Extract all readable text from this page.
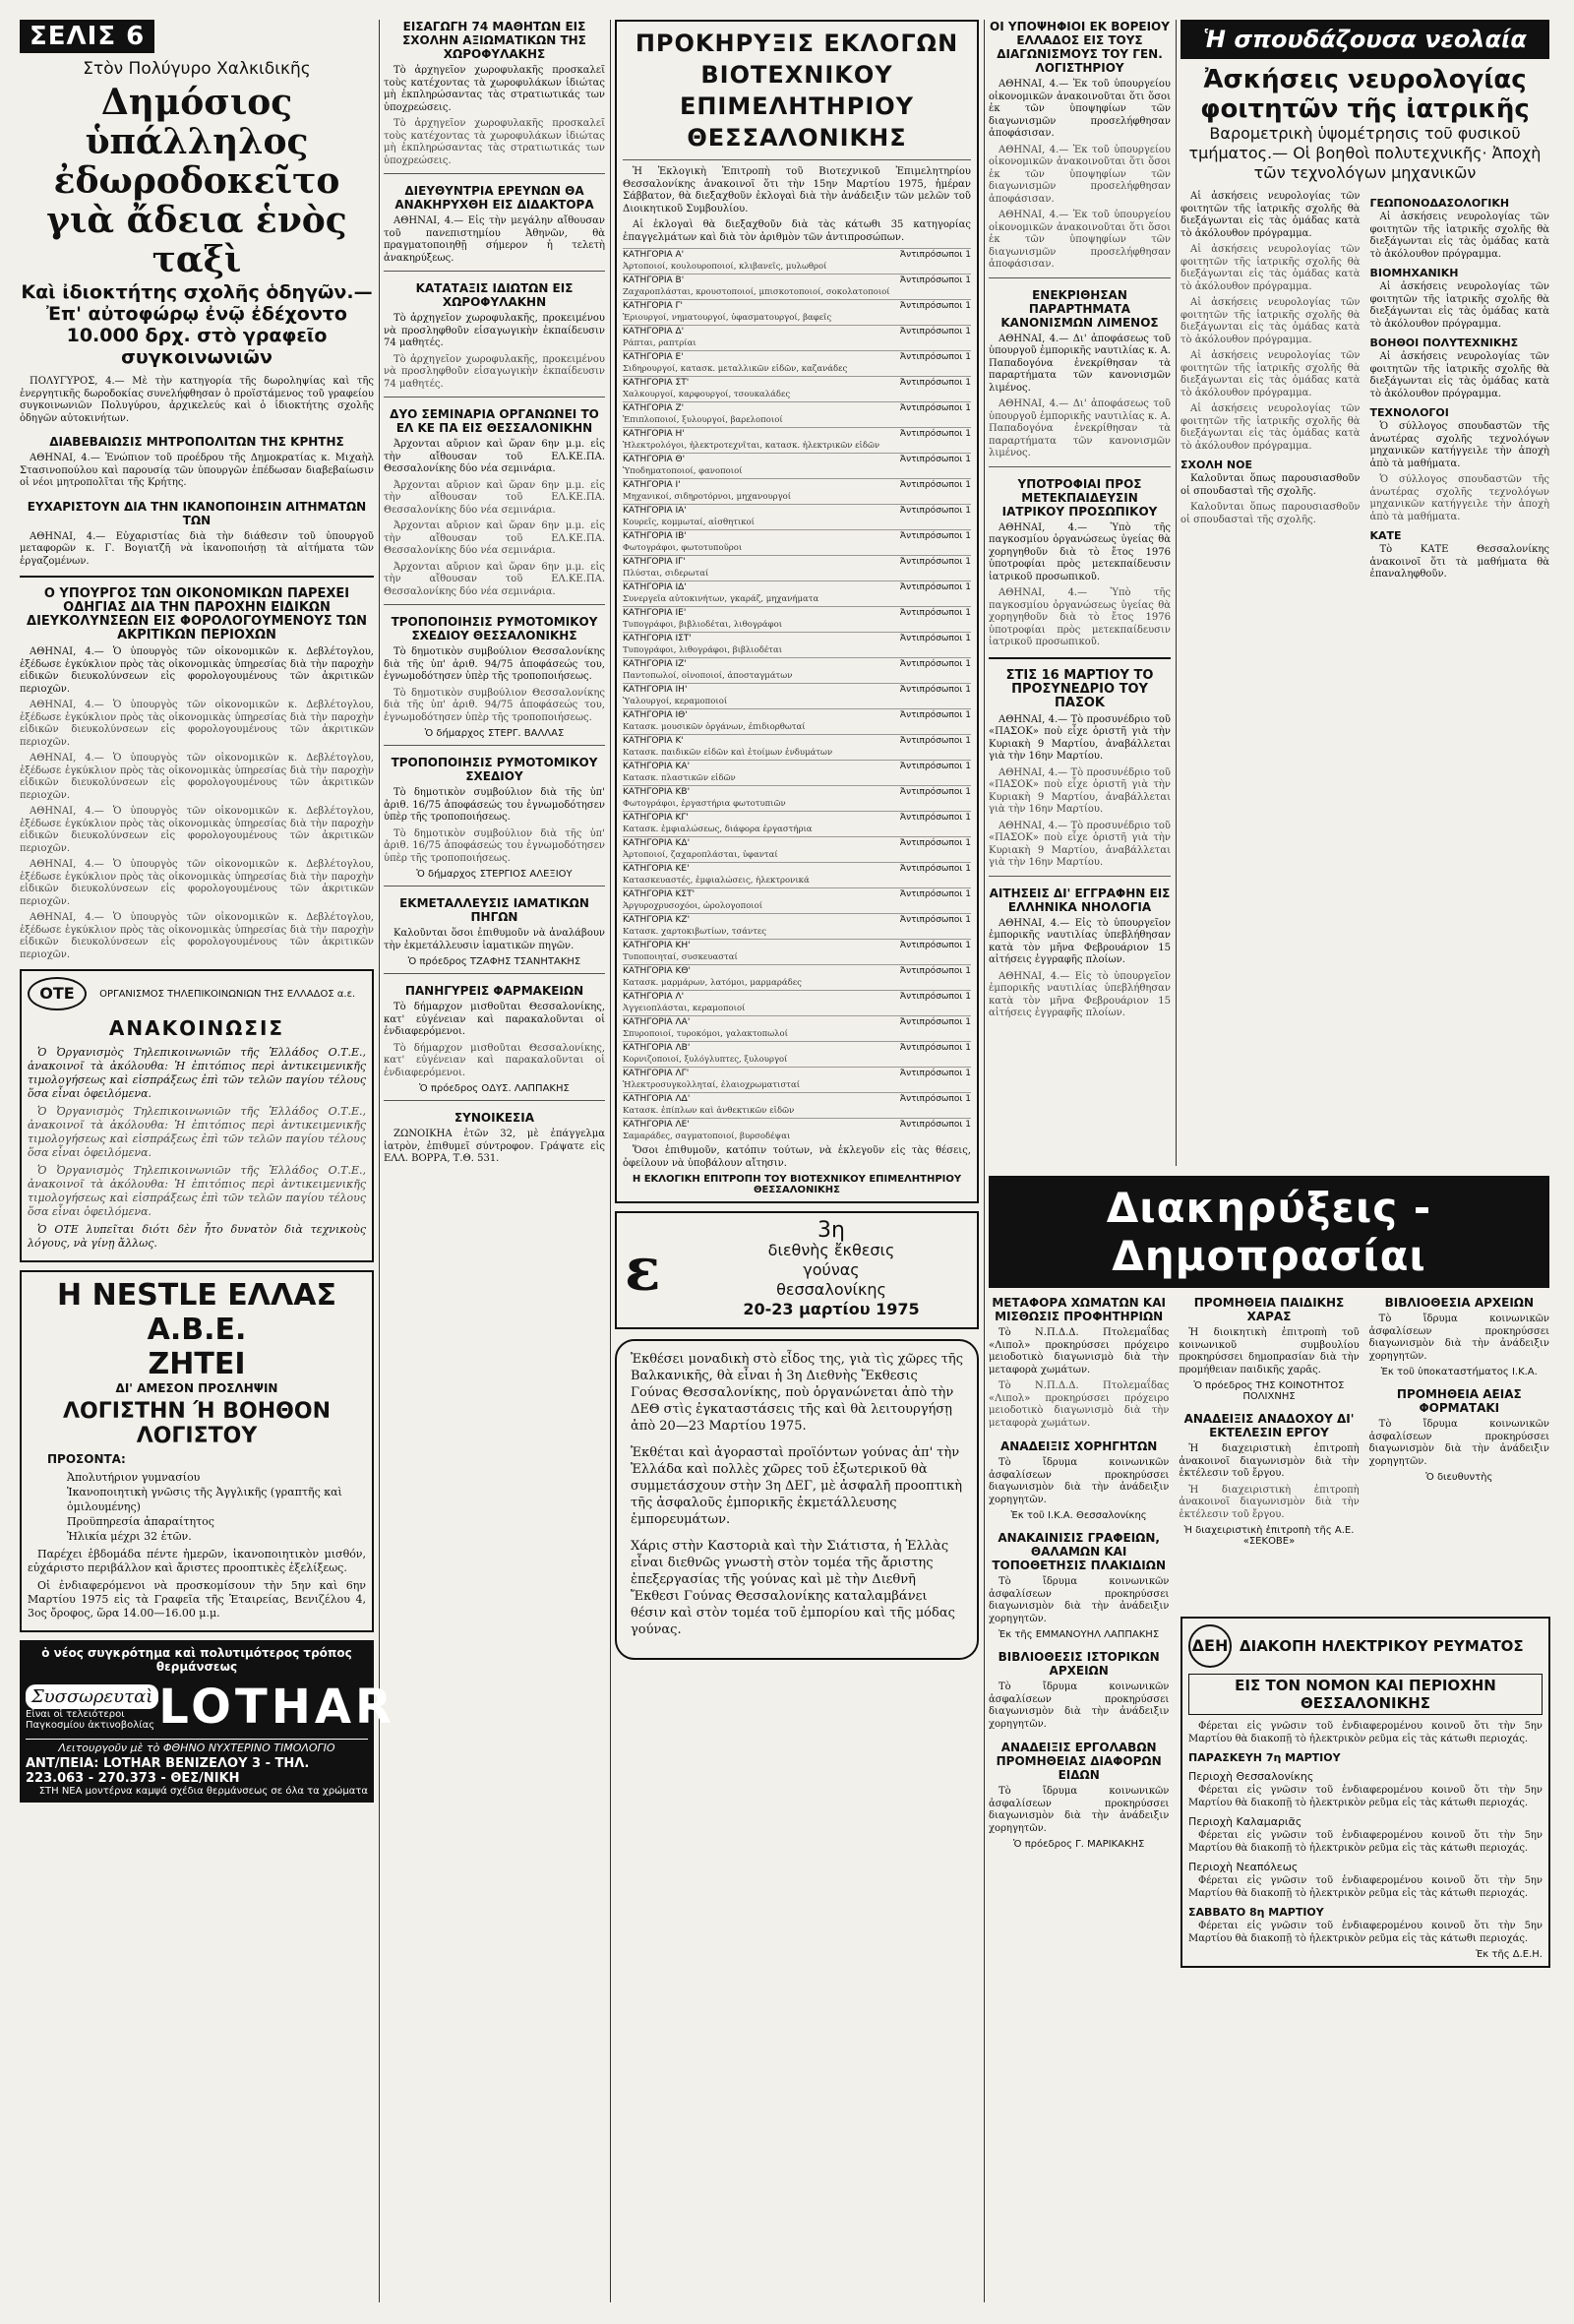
ΣΕΛΙΣ 6
Στὸν Πολύγυρο Χαλκιδικῆς
Δημόσιος ὑπάλληλος ἐδωροδοκεῖτο γιὰ ἄδεια ἑνὸς ταξὶ
Καὶ ἰδιοκτήτης σχολῆς ὁδηγῶν.— Ἐπ' αὐτοφώρῳ ἐνῷ ἐδέχοντο 10.000 δρχ. στὸ γραφεῖο συγκοινωνιῶν

ΠΟΛΥΓΥΡΟΣ, 4.— Μὲ τὴν κατηγορία τῆς δωροληψίας καὶ τῆς ἐνεργητικῆς δωροδοκίας συνελήφθησαν ὁ προϊστάμενος τοῦ γραφείου συγκοινωνιῶν Πολυγύρου, ἀρχικελεύς καὶ ὁ ἰδιοκτήτης σχολῆς ὁδηγῶν αὐτοκινήτων.

ΔΙΑΒΕΒΑΙΩΣΙΣ ΜΗΤΡΟΠΟΛΙΤΩΝ ΤΗΣ ΚΡΗΤΗΣ

ΑΘΗΝΑΙ, 4.— Ἐνώπιον τοῦ προέδρου τῆς Δημοκρατίας κ. Μιχαὴλ Στασινοπούλου καὶ παρουσίᾳ τῶν ὑπουργῶν ἐπέδωσαν διαβεβαίωσιν οἱ νέοι μητροπολῖται τῆς Κρήτης.

ΕΥΧΑΡΙΣΤΟΥΝ ΔΙΑ ΤΗΝ ΙΚΑΝΟΠΟΙΗΣΙΝ ΑΙΤΗΜΑΤΩΝ ΤΩΝ

ΑΘΗΝΑΙ, 4.— Εὐχαριστίας διὰ τὴν διάθεσιν τοῦ ὑπουργοῦ μεταφορῶν κ. Γ. Βογιατζῆ νὰ ἱκανοποιήσῃ τὰ αἰτήματα τῶν ἐργαζομένων.

Ο ΥΠΟΥΡΓΟΣ ΤΩΝ ΟΙΚΟΝΟΜΙΚΩΝ ΠΑΡΕΧΕΙ ΟΔΗΓΙΑΣ ΔΙΑ ΤΗΝ ΠΑΡΟΧΗΝ ΕΙΔΙΚΩΝ ΔΙΕΥΚΟΛΥΝΣΕΩΝ ΕΙΣ ΦΟΡΟΛΟΓΟΥΜΕΝΟΥΣ ΤΩΝ ΑΚΡΙΤΙΚΩΝ ΠΕΡΙΟΧΩΝ

ΑΘΗΝΑΙ, 4.— Ὁ ὑπουργὸς τῶν οἰκονομικῶν κ. Δεβλέτογλου, ἐξέδωσε ἐγκύκλιον πρὸς τὰς οἰκονομικὰς ὑπηρεσίας διὰ τὴν παροχὴν εἰδικῶν διευκολύνσεων εἰς φορολογουμένους τῶν ἀκριτικῶν περιοχῶν.

ΑΘΗΝΑΙ, 4.— Ὁ ὑπουργὸς τῶν οἰκονομικῶν κ. Δεβλέτογλου, ἐξέδωσε ἐγκύκλιον πρὸς τὰς οἰκονομικὰς ὑπηρεσίας διὰ τὴν παροχὴν εἰδικῶν διευκολύνσεων εἰς φορολογουμένους τῶν ἀκριτικῶν περιοχῶν.

ΑΘΗΝΑΙ, 4.— Ὁ ὑπουργὸς τῶν οἰκονομικῶν κ. Δεβλέτογλου, ἐξέδωσε ἐγκύκλιον πρὸς τὰς οἰκονομικὰς ὑπηρεσίας διὰ τὴν παροχὴν εἰδικῶν διευκολύνσεων εἰς φορολογουμένους τῶν ἀκριτικῶν περιοχῶν.

ΑΘΗΝΑΙ, 4.— Ὁ ὑπουργὸς τῶν οἰκονομικῶν κ. Δεβλέτογλου, ἐξέδωσε ἐγκύκλιον πρὸς τὰς οἰκονομικὰς ὑπηρεσίας διὰ τὴν παροχὴν εἰδικῶν διευκολύνσεων εἰς φορολογουμένους τῶν ἀκριτικῶν περιοχῶν.

ΑΘΗΝΑΙ, 4.— Ὁ ὑπουργὸς τῶν οἰκονομικῶν κ. Δεβλέτογλου, ἐξέδωσε ἐγκύκλιον πρὸς τὰς οἰκονομικὰς ὑπηρεσίας διὰ τὴν παροχὴν εἰδικῶν διευκολύνσεων εἰς φορολογουμένους τῶν ἀκριτικῶν περιοχῶν.

ΑΘΗΝΑΙ, 4.— Ὁ ὑπουργὸς τῶν οἰκονομικῶν κ. Δεβλέτογλου, ἐξέδωσε ἐγκύκλιον πρὸς τὰς οἰκονομικὰς ὑπηρεσίας διὰ τὴν παροχὴν εἰδικῶν διευκολύνσεων εἰς φορολογουμένους τῶν ἀκριτικῶν περιοχῶν.

ΟΤΕ	ΟΡΓΑΝΙΣΜΟΣ ΤΗΛΕΠΙΚΟΙΝΩΝΙΩΝ ΤΗΣ ΕΛΛΑΔΟΣ α.ε.
ΑΝΑΚΟΙΝΩΣΙΣ

Ὁ Ὀργανισμὸς Τηλεπικοινωνιῶν τῆς Ἑλλάδος Ο.Τ.Ε., ἀνακοινοῖ τὰ ἀκόλουθα: Ἡ ἐπιτόπιος περὶ ἀντικειμενικῆς τιμολογήσεως καὶ εἰσπράξεως ἐπὶ τῶν τελῶν παγίου τέλους ὅσα εἶναι ὀφειλόμενα.

Ὁ Ὀργανισμὸς Τηλεπικοινωνιῶν τῆς Ἑλλάδος Ο.Τ.Ε., ἀνακοινοῖ τὰ ἀκόλουθα: Ἡ ἐπιτόπιος περὶ ἀντικειμενικῆς τιμολογήσεως καὶ εἰσπράξεως ἐπὶ τῶν τελῶν παγίου τέλους ὅσα εἶναι ὀφειλόμενα.

Ὁ Ὀργανισμὸς Τηλεπικοινωνιῶν τῆς Ἑλλάδος Ο.Τ.Ε., ἀνακοινοῖ τὰ ἀκόλουθα: Ἡ ἐπιτόπιος περὶ ἀντικειμενικῆς τιμολογήσεως καὶ εἰσπράξεως ἐπὶ τῶν τελῶν παγίου τέλους ὅσα εἶναι ὀφειλόμενα.

Ὁ ΟΤΕ λυπεῖται διότι δὲν ἦτο δυνατὸν διὰ τεχνικοὺς λόγους, νὰ γίνῃ ἄλλως.

Η NESTLE ΕΛΛΑΣ Α.Β.Ε.
ΖΗΤΕΙ
ΔΙ' ΑΜΕΣΟΝ ΠΡΟΣΛΗΨΙΝ
ΛΟΓΙΣΤΗΝ Ή ΒΟΗΘΟΝ ΛΟΓΙΣΤΟΥ
ΠΡΟΣΟΝΤΑ:
Ἀπολυτήριον γυμνασίου
Ἱκανοποιητικὴ γνῶσις τῆς Ἀγγλικῆς (γραπτῆς καὶ ὁμιλουμένης)
Προϋπηρεσία ἀπαραίτητος
Ἡλικία μέχρι 32 ἐτῶν.

Παρέχει ἑβδομάδα πέντε ἡμερῶν, ἱκανοποιητικὸν μισθόν, εὐχάριστο περιβάλλον καὶ ἄριστες προοπτικὲς ἐξελίξεως.

Οἱ ἐνδιαφερόμενοι νὰ προσκομίσουν τὴν 5ην καὶ 6ην Μαρτίου 1975 εἰς τὰ Γραφεῖα τῆς Ἑταιρείας, Βενιζέλου 4, 3ος ὄροφος, ὥρα 14.00—16.00 μ.μ.

ὁ νέος συγκρότημα καὶ πολυτιμότερος τρόπος θερμάνσεως
Συσσωρευταὶ
Εἶναι οἱ τελειότεροι
Παγκοσμίου ἀκτινοβολίας LOTHAR
Λειτουργοῦν μὲ τὸ ΦΘΗΝΟ ΝΥΧΤΕΡΙΝΟ ΤΙΜΟΛΟΓΙΟ
ΑΝΤ/ΠΕΙΑ: LOTHAR ΒΕΝΙΖΕΛΟΥ 3 - ΤΗΛ. 223.063 - 270.373 - ΘΕΣ/ΝΙΚΗ
ΣΤΗ ΝΕΑ μοντέρνα καμψά σχέδια θερμάνσεως σε όλα τα χρώματα
ΕΙΣΑΓΩΓΗ 74 ΜΑΘΗΤΩΝ ΕΙΣ ΣΧΟΛΗΝ ΑΞΙΩΜΑΤΙΚΩΝ ΤΗΣ ΧΩΡΟΦΥΛΑΚΗΣ

Τὸ ἀρχηγεῖον χωροφυλακῆς προσκαλεῖ τοὺς κατέχοντας τὰ χωροφυλάκων ἰδιώτας μὴ ἐκπληρώσαντας τὰς στρατιωτικάς των ὑποχρεώσεις.

Τὸ ἀρχηγεῖον χωροφυλακῆς προσκαλεῖ τοὺς κατέχοντας τὰ χωροφυλάκων ἰδιώτας μὴ ἐκπληρώσαντας τὰς στρατιωτικάς των ὑποχρεώσεις.

ΔΙΕΥΘΥΝΤΡΙΑ ΕΡΕΥΝΩΝ ΘΑ ΑΝΑΚΗΡΥΧΘΗ ΕΙΣ ΔΙΔΑΚΤΟΡΑ

ΑΘΗΝΑΙ, 4.— Εἰς τὴν μεγάλην αἴθουσαν τοῦ πανεπιστημίου Ἀθηνῶν, θὰ πραγματοποιηθῇ σήμερον ἡ τελετὴ ἀνακηρύξεως.

ΚΑΤΑΤΑΞΙΣ ΙΔΙΩΤΩΝ ΕΙΣ ΧΩΡΟΦΥΛΑΚΗΝ

Τὸ ἀρχηγεῖον χωροφυλακῆς, προκειμένου νὰ προσληφθοῦν εἰσαγωγικὴν ἐκπαίδευσιν 74 μαθητές.

Τὸ ἀρχηγεῖον χωροφυλακῆς, προκειμένου νὰ προσληφθοῦν εἰσαγωγικὴν ἐκπαίδευσιν 74 μαθητές.

ΔΥΟ ΣΕΜΙΝΑΡΙΑ ΟΡΓΑΝΩΝΕΙ ΤΟ ΕΛ ΚΕ ΠΑ ΕΙΣ ΘΕΣΣΑΛΟΝΙΚΗΝ

Ἀρχονται αὔριον καὶ ὥραν 6ην μ.μ. εἰς τὴν αἴθουσαν τοῦ ΕΛ.ΚΕ.ΠΑ. Θεσσαλονίκης δύο νέα σεμινάρια.

Ἀρχονται αὔριον καὶ ὥραν 6ην μ.μ. εἰς τὴν αἴθουσαν τοῦ ΕΛ.ΚΕ.ΠΑ. Θεσσαλονίκης δύο νέα σεμινάρια.

Ἀρχονται αὔριον καὶ ὥραν 6ην μ.μ. εἰς τὴν αἴθουσαν τοῦ ΕΛ.ΚΕ.ΠΑ. Θεσσαλονίκης δύο νέα σεμινάρια.

Ἀρχονται αὔριον καὶ ὥραν 6ην μ.μ. εἰς τὴν αἴθουσαν τοῦ ΕΛ.ΚΕ.ΠΑ. Θεσσαλονίκης δύο νέα σεμινάρια.

ΤΡΟΠΟΠΟΙΗΣΙΣ ΡΥΜΟΤΟΜΙΚΟΥ ΣΧΕΔΙΟΥ ΘΕΣΣΑΛΟΝΙΚΗΣ

Τὸ δημοτικὸν συμβούλιον Θεσσαλονίκης διὰ τῆς ὑπ' ἀριθ. 94/75 ἀποφάσεώς του, ἐγνωμοδότησεν ὑπὲρ τῆς τροποποιήσεως.

Τὸ δημοτικὸν συμβούλιον Θεσσαλονίκης διὰ τῆς ὑπ' ἀριθ. 94/75 ἀποφάσεώς του, ἐγνωμοδότησεν ὑπὲρ τῆς τροποποιήσεως.

Ὁ δήμαρχος ΣΤΕΡΓ. ΒΑΛΛΑΣ
ΤΡΟΠΟΠΟΙΗΣΙΣ ΡΥΜΟΤΟΜΙΚΟΥ ΣΧΕΔΙΟΥ

Τὸ δημοτικὸν συμβούλιον διὰ τῆς ὑπ' ἀριθ. 16/75 ἀποφάσεώς του ἐγνωμοδότησεν ὑπὲρ τῆς τροποποιήσεως.

Τὸ δημοτικὸν συμβούλιον διὰ τῆς ὑπ' ἀριθ. 16/75 ἀποφάσεώς του ἐγνωμοδότησεν ὑπὲρ τῆς τροποποιήσεως.

Ὁ δήμαρχος ΣΤΕΡΓΙΟΣ ΑΛΕΞΙΟΥ
ΕΚΜΕΤΑΛΛΕΥΣΙΣ ΙΑΜΑΤΙΚΩΝ ΠΗΓΩΝ

Καλοῦνται ὅσοι ἐπιθυμοῦν νὰ ἀναλάβουν τὴν ἐκμετάλλευσιν ἰαματικῶν πηγῶν.

Ὁ πρόεδρος ΤΖΑΦΗΣ ΤΣΑΝΗΤΑΚΗΣ
ΠΑΝΗΓΥΡΕΙΣ ΦΑΡΜΑΚΕΙΩΝ

Τὸ δήμαρχον μισθοῦται Θεσσαλονίκης, κατ' εὐγένειαν καὶ παρακαλοῦνται οἱ ἐνδιαφερόμενοι.

Τὸ δήμαρχον μισθοῦται Θεσσαλονίκης, κατ' εὐγένειαν καὶ παρακαλοῦνται οἱ ἐνδιαφερόμενοι.

Ὁ πρόεδρος ΟΔΥΣ. ΛΑΠΠΑΚΗΣ
ΣΥΝΟΙΚΕΣΙΑ

ΖΩΝΟΙΚΗΑ ἐτῶν 32, μὲ ἐπάγγελμα ἰατρὸν, ἐπιθυμεῖ σύντροφον. Γράψατε εἰς ΕΛΛ. ΒΟΡΡΑ, Τ.Θ. 531.

ΠΡΟΚΗΡΥΞΙΣ ΕΚΛΟΓΩΝ ΒΙΟΤΕΧΝΙΚΟΥ ΕΠΙΜΕΛΗΤΗΡΙΟΥ ΘΕΣΣΑΛΟΝΙΚΗΣ

Ἡ Ἐκλογικὴ Ἐπιτροπὴ τοῦ Βιοτεχνικοῦ Ἐπιμελητηρίου Θεσσαλονίκης ἀνακοινοῖ ὅτι τὴν 15ην Μαρτίου 1975, ἡμέραν Σάββατον, θὰ διεξαχθοῦν ἐκλογαὶ διὰ τὴν ἀνάδειξιν τῶν μελῶν τοῦ Διοικητικοῦ Συμβουλίου.

Αἱ ἐκλογαὶ θὰ διεξαχθοῦν διὰ τὰς κάτωθι 35 κατηγορίας ἐπαγγελμάτων καὶ διὰ τὸν ἀριθμὸν τῶν ἀντιπροσώπων.

ΚΑΤΗΓΟΡΙΑ Α'	Ἀντιπρόσωποι 1
Ἀρτοποιοί, κουλουροποιοί, κλιβανεῖς, μυλωθροί
ΚΑΤΗΓΟΡΙΑ Β'	Ἀντιπρόσωποι 1
Ζαχαροπλάσται, κρουστοποιοί, μπισκοτοποιοί, σοκολατοποιοί
ΚΑΤΗΓΟΡΙΑ Γ'	Ἀντιπρόσωποι 1
Ἐριουργοί, νηματουργοί, ὑφασματουργοί, βαφεῖς
ΚΑΤΗΓΟΡΙΑ Δ'	Ἀντιπρόσωποι 1
Ράπται, ραπτρίαι
ΚΑΤΗΓΟΡΙΑ Ε'	Ἀντιπρόσωποι 1
Σιδηρουργοί, κατασκ. μεταλλικῶν εἰδῶν, καζανάδες
ΚΑΤΗΓΟΡΙΑ ΣΤ'	Ἀντιπρόσωποι 1
Χαλκουργοί, καρφουργοί, τσουκαλάδες
ΚΑΤΗΓΟΡΙΑ Ζ'	Ἀντιπρόσωποι 1
Ἐπιπλοποιοί, ξυλουργοί, βαρελοποιοί
ΚΑΤΗΓΟΡΙΑ Η'	Ἀντιπρόσωποι 1
Ἠλεκτρολόγοι, ἠλεκτροτεχνῖται, κατασκ. ἠλεκτρικῶν εἰδῶν
ΚΑΤΗΓΟΡΙΑ Θ'	Ἀντιπρόσωποι 1
Ὑποδηματοποιοί, φανοποιοί
ΚΑΤΗΓΟΡΙΑ Ι'	Ἀντιπρόσωποι 1
Μηχανικοί, σιδηροτόρνοι, μηχανουργοί
ΚΑΤΗΓΟΡΙΑ ΙΑ'	Ἀντιπρόσωποι 1
Κουρεῖς, κομμωταί, αἰσθητικοί
ΚΑΤΗΓΟΡΙΑ ΙΒ'	Ἀντιπρόσωποι 1
Φωτογράφοι, φωτοτυποῦροι
ΚΑΤΗΓΟΡΙΑ ΙΓ'	Ἀντιπρόσωποι 1
Πλύσται, σιδερωταί
ΚΑΤΗΓΟΡΙΑ ΙΔ'	Ἀντιπρόσωποι 1
Συνεργεῖα αὐτοκινήτων, γκαράζ, μηχανήματα
ΚΑΤΗΓΟΡΙΑ ΙΕ'	Ἀντιπρόσωποι 1
Τυπογράφοι, βιβλιοδέται, λιθογράφοι
ΚΑΤΗΓΟΡΙΑ ΙΣΤ'	Ἀντιπρόσωποι 1
Τυπογράφοι, λιθογράφοι, βιβλιοδέται
ΚΑΤΗΓΟΡΙΑ ΙΖ'	Ἀντιπρόσωποι 1
Παντοπωλοί, οἰνοποιοί, ἀποσταγμάτων
ΚΑΤΗΓΟΡΙΑ ΙΗ'	Ἀντιπρόσωποι 1
Ὑαλουργοί, κεραμοποιοί
ΚΑΤΗΓΟΡΙΑ ΙΘ'	Ἀντιπρόσωποι 1
Κατασκ. μουσικῶν ὀργάνων, ἐπιδιορθωταί
ΚΑΤΗΓΟΡΙΑ Κ'	Ἀντιπρόσωποι 1
Κατασκ. παιδικῶν εἰδῶν καὶ ἐτοίμων ἐνδυμάτων
ΚΑΤΗΓΟΡΙΑ ΚΑ'	Ἀντιπρόσωποι 1
Κατασκ. πλαστικῶν εἰδῶν
ΚΑΤΗΓΟΡΙΑ ΚΒ'	Ἀντιπρόσωποι 1
Φωτογράφοι, ἐργαστήρια φωτοτυπιῶν
ΚΑΤΗΓΟΡΙΑ ΚΓ'	Ἀντιπρόσωποι 1
Κατασκ. ἐμφιαλώσεως, διάφορα ἐργαστήρια
ΚΑΤΗΓΟΡΙΑ ΚΔ'	Ἀντιπρόσωποι 1
Ἀρτοποιοί, ζαχαροπλάσται, ὑφανταί
ΚΑΤΗΓΟΡΙΑ ΚΕ'	Ἀντιπρόσωποι 1
Κατασκευαστές, ἐμφιαλώσεις, ἠλεκτρονικά
ΚΑΤΗΓΟΡΙΑ ΚΣΤ'	Ἀντιπρόσωποι 1
Ἀργυροχρυσοχόοι, ὡρολογοποιοί
ΚΑΤΗΓΟΡΙΑ ΚΖ'	Ἀντιπρόσωποι 1
Κατασκ. χαρτοκιβωτίων, τσάντες
ΚΑΤΗΓΟΡΙΑ ΚΗ'	Ἀντιπρόσωποι 1
Τυποποιηταί, συσκευασταί
ΚΑΤΗΓΟΡΙΑ ΚΘ'	Ἀντιπρόσωποι 1
Κατασκ. μαρμάρων, λατόμοι, μαρμαράδες
ΚΑΤΗΓΟΡΙΑ Λ'	Ἀντιπρόσωποι 1
Ἀγγειοπλάσται, κεραμοποιοί
ΚΑΤΗΓΟΡΙΑ ΛΑ'	Ἀντιπρόσωποι 1
Σπυροποιοί, τυροκόμοι, γαλακτοπωλοί
ΚΑΤΗΓΟΡΙΑ ΛΒ'	Ἀντιπρόσωποι 1
Κορνιζοποιοί, ξυλόγλυπτες, ξυλουργοί
ΚΑΤΗΓΟΡΙΑ ΛΓ'	Ἀντιπρόσωποι 1
Ἠλεκτροσυγκολληταί, ἐλαιοχρωματισταί
ΚΑΤΗΓΟΡΙΑ ΛΔ'	Ἀντιπρόσωποι 1
Κατασκ. ἐπίπλων καὶ ἀνθεκτικῶν εἰδῶν
ΚΑΤΗΓΟΡΙΑ ΛΕ'	Ἀντιπρόσωποι 1
Σαμαράδες, σαγματοποιοί, βυρσοδέψαι

Ὅσοι ἐπιθυμοῦν, κατόπιν τούτων, νὰ ἐκλεγοῦν εἰς τὰς θέσεις, ὀφείλουν νὰ ὑποβάλουν αἴτησιν.

Η ΕΚΛΟΓΙΚΗ ΕΠΙΤΡΟΠΗ ΤΟΥ ΒΙΟΤΕΧΝΙΚΟΥ ΕΠΙΜΕΛΗΤΗΡΙΟΥ ΘΕΣΣΑΛΟΝΙΚΗΣ
ε
3η
διεθνὴς ἔκθεσις
γούνας
θεσσαλονίκης
20-23 μαρτίου 1975

Ἐκθέσει μοναδικὴ στὸ εἶδος της, γιὰ τὶς χῶρες τῆς Βαλκανικῆς, θὰ εἶναι ἡ 3η Διεθνὴς Ἔκθεσις Γούνας Θεσσαλονίκης, ποὺ ὀργανώνεται ἀπὸ τὴν ΔΕΘ στὶς ἐγκαταστάσεις τῆς καὶ θὰ λειτουργήσῃ ἀπὸ 20—23 Μαρτίου 1975.

Ἐκθέται καὶ ἀγορασταὶ προϊόντων γούνας ἀπ' τὴν Ἑλλάδα καὶ πολλὲς χῶρες τοῦ ἐξωτερικοῦ θὰ συμμετάσχουν στὴν 3η ΔΕΓ, μὲ ἀσφαλῆ προοπτικὴ τῆς ἀσφαλοῦς ἐμπορικῆς ἐκμετάλλευσης ἐμπορευμάτων.

Χάρις στὴν Καστοριὰ καὶ τὴν Σιάτιστα, ἡ Ἑλλὰς εἶναι διεθνῶς γνωστὴ στὸν τομέα τῆς ἄριστης ἐπεξεργασίας τῆς γούνας καὶ μὲ τὴν Διεθνῆ Ἔκθεσι Γούνας Θεσσαλονίκης καταλαμβάνει θέσιν καὶ στὸν τομέα τοῦ ἐμπορίου καὶ τῆς μόδας γούνας.

ΟΙ ΥΠΟΨΗΦΙΟΙ ΕΚ ΒΟΡΕΙΟΥ ΕΛΛΑΔΟΣ ΕΙΣ ΤΟΥΣ ΔΙΑΓΩΝΙΣΜΟΥΣ ΤΟΥ ΓΕΝ. ΛΟΓΙΣΤΗΡΙΟΥ

ΑΘΗΝΑΙ, 4.— Ἐκ τοῦ ὑπουργείου οἰκονομικῶν ἀνακοινοῦται ὅτι ὅσοι ἐκ τῶν ὑποψηφίων τῶν διαγωνισμῶν προσελήφθησαν ἀποφάσισαν.

ΑΘΗΝΑΙ, 4.— Ἐκ τοῦ ὑπουργείου οἰκονομικῶν ἀνακοινοῦται ὅτι ὅσοι ἐκ τῶν ὑποψηφίων τῶν διαγωνισμῶν προσελήφθησαν ἀποφάσισαν.

ΑΘΗΝΑΙ, 4.— Ἐκ τοῦ ὑπουργείου οἰκονομικῶν ἀνακοινοῦται ὅτι ὅσοι ἐκ τῶν ὑποψηφίων τῶν διαγωνισμῶν προσελήφθησαν ἀποφάσισαν.

ΕΝΕΚΡΙΘΗΣΑΝ ΠΑΡΑΡΤΗΜΑΤΑ ΚΑΝΟΝΙΣΜΩΝ ΛΙΜΕΝΟΣ

ΑΘΗΝΑΙ, 4.— Δι' ἀποφάσεως τοῦ ὑπουργοῦ ἐμπορικῆς ναυτιλίας κ. Α. Παπαδογόνα ἐνεκρίθησαν τὰ παραρτήματα τῶν κανονισμῶν λιμένος.

ΑΘΗΝΑΙ, 4.— Δι' ἀποφάσεως τοῦ ὑπουργοῦ ἐμπορικῆς ναυτιλίας κ. Α. Παπαδογόνα ἐνεκρίθησαν τὰ παραρτήματα τῶν κανονισμῶν λιμένος.

ΥΠΟΤΡΟΦΙΑΙ ΠΡΟΣ ΜΕΤΕΚΠΑΙΔΕΥΣΙΝ ΙΑΤΡΙΚΟΥ ΠΡΟΣΩΠΙΚΟΥ

ΑΘΗΝΑΙ, 4.— Ὑπὸ τῆς παγκοσμίου ὀργανώσεως ὑγείας θὰ χορηγηθοῦν διὰ τὸ ἔτος 1976 ὑποτροφίαι πρὸς μετεκπαίδευσιν ἰατρικοῦ προσωπικοῦ.

ΑΘΗΝΑΙ, 4.— Ὑπὸ τῆς παγκοσμίου ὀργανώσεως ὑγείας θὰ χορηγηθοῦν διὰ τὸ ἔτος 1976 ὑποτροφίαι πρὸς μετεκπαίδευσιν ἰατρικοῦ προσωπικοῦ.

ΣΤΙΣ 16 ΜΑΡΤΙΟΥ ΤΟ ΠΡΟΣΥΝΕΔΡΙΟ ΤΟΥ ΠΑΣΟΚ

ΑΘΗΝΑΙ, 4.— Τὸ προσυνέδριο τοῦ «ΠΑΣΟΚ» ποὺ εἶχε ὁριστῆ γιὰ τὴν Κυριακὴ 9 Μαρτίου, ἀναβάλλεται γιὰ τὴν 16ην Μαρτίου.

ΑΘΗΝΑΙ, 4.— Τὸ προσυνέδριο τοῦ «ΠΑΣΟΚ» ποὺ εἶχε ὁριστῆ γιὰ τὴν Κυριακὴ 9 Μαρτίου, ἀναβάλλεται γιὰ τὴν 16ην Μαρτίου.

ΑΘΗΝΑΙ, 4.— Τὸ προσυνέδριο τοῦ «ΠΑΣΟΚ» ποὺ εἶχε ὁριστῆ γιὰ τὴν Κυριακὴ 9 Μαρτίου, ἀναβάλλεται γιὰ τὴν 16ην Μαρτίου.

ΑΙΤΗΣΕΙΣ ΔΙ' ΕΓΓΡΑΦΗΝ ΕΙΣ ΕΛΛΗΝΙΚΑ ΝΗΟΛΟΓΙΑ

ΑΘΗΝΑΙ, 4.— Εἰς τὸ ὑπουργεῖον ἐμπορικῆς ναυτιλίας ὑπεβλήθησαν κατὰ τὸν μῆνα Φεβρουάριον 15 αἰτήσεις ἐγγραφῆς πλοίων.

ΑΘΗΝΑΙ, 4.— Εἰς τὸ ὑπουργεῖον ἐμπορικῆς ναυτιλίας ὑπεβλήθησαν κατὰ τὸν μῆνα Φεβρουάριον 15 αἰτήσεις ἐγγραφῆς πλοίων.

Ἡ σπουδάζουσα νεολαία
Ἀσκήσεις νευρολογίας φοιτητῶν τῆς ἰατρικῆς
Βαρομετρικὴ ὑψομέτρησις τοῦ φυσικοῦ τμήματος.— Οἱ βοηθοὶ πολυτεχνικῆς· Ἀποχὴ τῶν τεχνολόγων μηχανικῶν

Αἱ ἀσκήσεις νευρολογίας τῶν φοιτητῶν τῆς ἰατρικῆς σχολῆς θὰ διεξάγωνται εἰς τὰς ὁμάδας κατὰ τὸ ἀκόλουθον πρόγραμμα.

Αἱ ἀσκήσεις νευρολογίας τῶν φοιτητῶν τῆς ἰατρικῆς σχολῆς θὰ διεξάγωνται εἰς τὰς ὁμάδας κατὰ τὸ ἀκόλουθον πρόγραμμα.

Αἱ ἀσκήσεις νευρολογίας τῶν φοιτητῶν τῆς ἰατρικῆς σχολῆς θὰ διεξάγωνται εἰς τὰς ὁμάδας κατὰ τὸ ἀκόλουθον πρόγραμμα.

Αἱ ἀσκήσεις νευρολογίας τῶν φοιτητῶν τῆς ἰατρικῆς σχολῆς θὰ διεξάγωνται εἰς τὰς ὁμάδας κατὰ τὸ ἀκόλουθον πρόγραμμα.

Αἱ ἀσκήσεις νευρολογίας τῶν φοιτητῶν τῆς ἰατρικῆς σχολῆς θὰ διεξάγωνται εἰς τὰς ὁμάδας κατὰ τὸ ἀκόλουθον πρόγραμμα.

ΣΧΟΛΗ ΝΟΕ

Καλοῦνται ὅπως παρουσιασθοῦν οἱ σπουδασταὶ τῆς σχολῆς.

Καλοῦνται ὅπως παρουσιασθοῦν οἱ σπουδασταὶ τῆς σχολῆς.

ΓΕΩΠΟΝΟΔΑΣΟΛΟΓΙΚΗ

Αἱ ἀσκήσεις νευρολογίας τῶν φοιτητῶν τῆς ἰατρικῆς σχολῆς θὰ διεξάγωνται εἰς τὰς ὁμάδας κατὰ τὸ ἀκόλουθον πρόγραμμα.

ΒΙΟΜΗΧΑΝΙΚΗ

Αἱ ἀσκήσεις νευρολογίας τῶν φοιτητῶν τῆς ἰατρικῆς σχολῆς θὰ διεξάγωνται εἰς τὰς ὁμάδας κατὰ τὸ ἀκόλουθον πρόγραμμα.

ΒΟΗΘΟΙ ΠΟΛΥΤΕΧΝΙΚΗΣ

Αἱ ἀσκήσεις νευρολογίας τῶν φοιτητῶν τῆς ἰατρικῆς σχολῆς θὰ διεξάγωνται εἰς τὰς ὁμάδας κατὰ τὸ ἀκόλουθον πρόγραμμα.

ΤΕΧΝΟΛΟΓΟΙ

Ὁ σύλλογος σπουδαστῶν τῆς ἀνωτέρας σχολῆς τεχνολόγων μηχανικῶν κατήγγειλε τὴν ἀποχὴ ἀπὸ τὰ μαθήματα.

Ὁ σύλλογος σπουδαστῶν τῆς ἀνωτέρας σχολῆς τεχνολόγων μηχανικῶν κατήγγειλε τὴν ἀποχὴ ἀπὸ τὰ μαθήματα.

ΚΑΤΕ

Τὸ ΚΑΤΕ Θεσσαλονίκης ἀνακοινοῖ ὅτι τὰ μαθήματα θὰ ἐπαναληφθοῦν.

Διακηρύξεις - Δημοπρασίαι
ΜΕΤΑΦΟΡΑ ΧΩΜΑΤΩΝ ΚΑΙ ΜΙΣΘΩΣΙΣ ΠΡΟΦΗΤΗΡΙΩΝ

Τὸ Ν.Π.Δ.Δ. Πτολεμαΐδας «Λιπολ» προκηρύσσει πρόχειρο μειοδοτικὸ διαγωνισμὸ διὰ τὴν μεταφορὰ χωμάτων.

Τὸ Ν.Π.Δ.Δ. Πτολεμαΐδας «Λιπολ» προκηρύσσει πρόχειρο μειοδοτικὸ διαγωνισμὸ διὰ τὴν μεταφορὰ χωμάτων.

ΑΝΑΔΕΙΞΙΣ ΧΟΡΗΓΗΤΩΝ

Τὸ ἴδρυμα κοινωνικῶν ἀσφαλίσεων προκηρύσσει διαγωνισμὸν διὰ τὴν ἀνάδειξιν χορηγητῶν.

Ἐκ τοῦ Ι.Κ.Α. Θεσσαλονίκης
ΑΝΑΚΑΙΝΙΣΙΣ ΓΡΑΦΕΙΩΝ, ΘΑΛΑΜΩΝ ΚΑΙ ΤΟΠΟΘΕΤΗΣΙΣ ΠΛΑΚΙΔΙΩΝ

Τὸ ἴδρυμα κοινωνικῶν ἀσφαλίσεων προκηρύσσει διαγωνισμὸν διὰ τὴν ἀνάδειξιν χορηγητῶν.

Ἐκ τῆς ΕΜΜΑΝΟΥΗΛ ΛΑΠΠΑΚΗΣ
ΒΙΒΛΙΟΘΕΣΙΣ ΙΣΤΟΡΙΚΩΝ ΑΡΧΕΙΩΝ

Τὸ ἴδρυμα κοινωνικῶν ἀσφαλίσεων προκηρύσσει διαγωνισμὸν διὰ τὴν ἀνάδειξιν χορηγητῶν.

ΑΝΑΔΕΙΞΙΣ ΕΡΓΟΛΑΒΩΝ ΠΡΟΜΗΘΕΙΑΣ ΔΙΑΦΟΡΩΝ ΕΙΔΩΝ

Τὸ ἴδρυμα κοινωνικῶν ἀσφαλίσεων προκηρύσσει διαγωνισμὸν διὰ τὴν ἀνάδειξιν χορηγητῶν.

Ὁ πρόεδρος Γ. ΜΑΡΙΚΑΚΗΣ
ΠΡΟΜΗΘΕΙΑ ΠΑΙΔΙΚΗΣ ΧΑΡΑΣ

Ἡ διοικητικὴ ἐπιτροπὴ τοῦ κοινωνικοῦ συμβουλίου προκηρύσσει δημοπρασίαν διὰ τὴν προμήθειαν παιδικῆς χαρᾶς.

Ὁ πρόεδρος ΤΗΣ ΚΟΙΝΟΤΗΤΟΣ ΠΟΛΙΧΝΗΣ
ΑΝΑΔΕΙΞΙΣ ΑΝΑΔΟΧΟΥ ΔΙ' ΕΚΤΕΛΕΣΙΝ ΕΡΓΟΥ

Ἡ διαχειριστικὴ ἐπιτροπὴ ἀνακοινοῖ διαγωνισμὸν διὰ τὴν ἐκτέλεσιν τοῦ ἔργου.

Ἡ διαχειριστικὴ ἐπιτροπὴ ἀνακοινοῖ διαγωνισμὸν διὰ τὴν ἐκτέλεσιν τοῦ ἔργου.

Ἡ διαχειριστικὴ ἐπιτροπὴ τῆς Α.Ε. «ΣΕΚΟΒΕ»
ΒΙΒΛΙΟΘΕΣΙΑ ΑΡΧΕΙΩΝ

Τὸ ἴδρυμα κοινωνικῶν ἀσφαλίσεων προκηρύσσει διαγωνισμὸν διὰ τὴν ἀνάδειξιν χορηγητῶν.

Ἐκ τοῦ ὑποκαταστήματος Ι.Κ.Α.
ΠΡΟΜΗΘΕΙΑ ΑΕΙΑΣ ΦΟΡΜΑΤΑΚΙ

Τὸ ἴδρυμα κοινωνικῶν ἀσφαλίσεων προκηρύσσει διαγωνισμὸν διὰ τὴν ἀνάδειξιν χορηγητῶν.

Ὁ διευθυντὴς
ΔΕΗ ΔΙΑΚΟΠΗ ΗΛΕΚΤΡΙΚΟΥ ΡΕΥΜΑΤΟΣ
ΕΙΣ ΤΟΝ ΝΟΜΟΝ ΚΑΙ ΠΕΡΙΟΧΗΝ ΘΕΣΣΑΛΟΝΙΚΗΣ

Φέρεται εἰς γνῶσιν τοῦ ἐνδιαφερομένου κοινοῦ ὅτι τὴν 5ην Μαρτίου θὰ διακοπῇ τὸ ἠλεκτρικὸν ρεῦμα εἰς τὰς κάτωθι περιοχάς.

ΠΑΡΑΣΚΕΥΗ 7η ΜΑΡΤΙΟΥ
Περιοχὴ Θεσσαλονίκης

Φέρεται εἰς γνῶσιν τοῦ ἐνδιαφερομένου κοινοῦ ὅτι τὴν 5ην Μαρτίου θὰ διακοπῇ τὸ ἠλεκτρικὸν ρεῦμα εἰς τὰς κάτωθι περιοχάς.

Περιοχὴ Καλαμαριᾶς

Φέρεται εἰς γνῶσιν τοῦ ἐνδιαφερομένου κοινοῦ ὅτι τὴν 5ην Μαρτίου θὰ διακοπῇ τὸ ἠλεκτρικὸν ρεῦμα εἰς τὰς κάτωθι περιοχάς.

Περιοχὴ Νεαπόλεως

Φέρεται εἰς γνῶσιν τοῦ ἐνδιαφερομένου κοινοῦ ὅτι τὴν 5ην Μαρτίου θὰ διακοπῇ τὸ ἠλεκτρικὸν ρεῦμα εἰς τὰς κάτωθι περιοχάς.

ΣΑΒΒΑΤΟ 8η ΜΑΡΤΙΟΥ

Φέρεται εἰς γνῶσιν τοῦ ἐνδιαφερομένου κοινοῦ ὅτι τὴν 5ην Μαρτίου θὰ διακοπῇ τὸ ἠλεκτρικὸν ρεῦμα εἰς τὰς κάτωθι περιοχάς.

Ἐκ τῆς Δ.Ε.Η.
